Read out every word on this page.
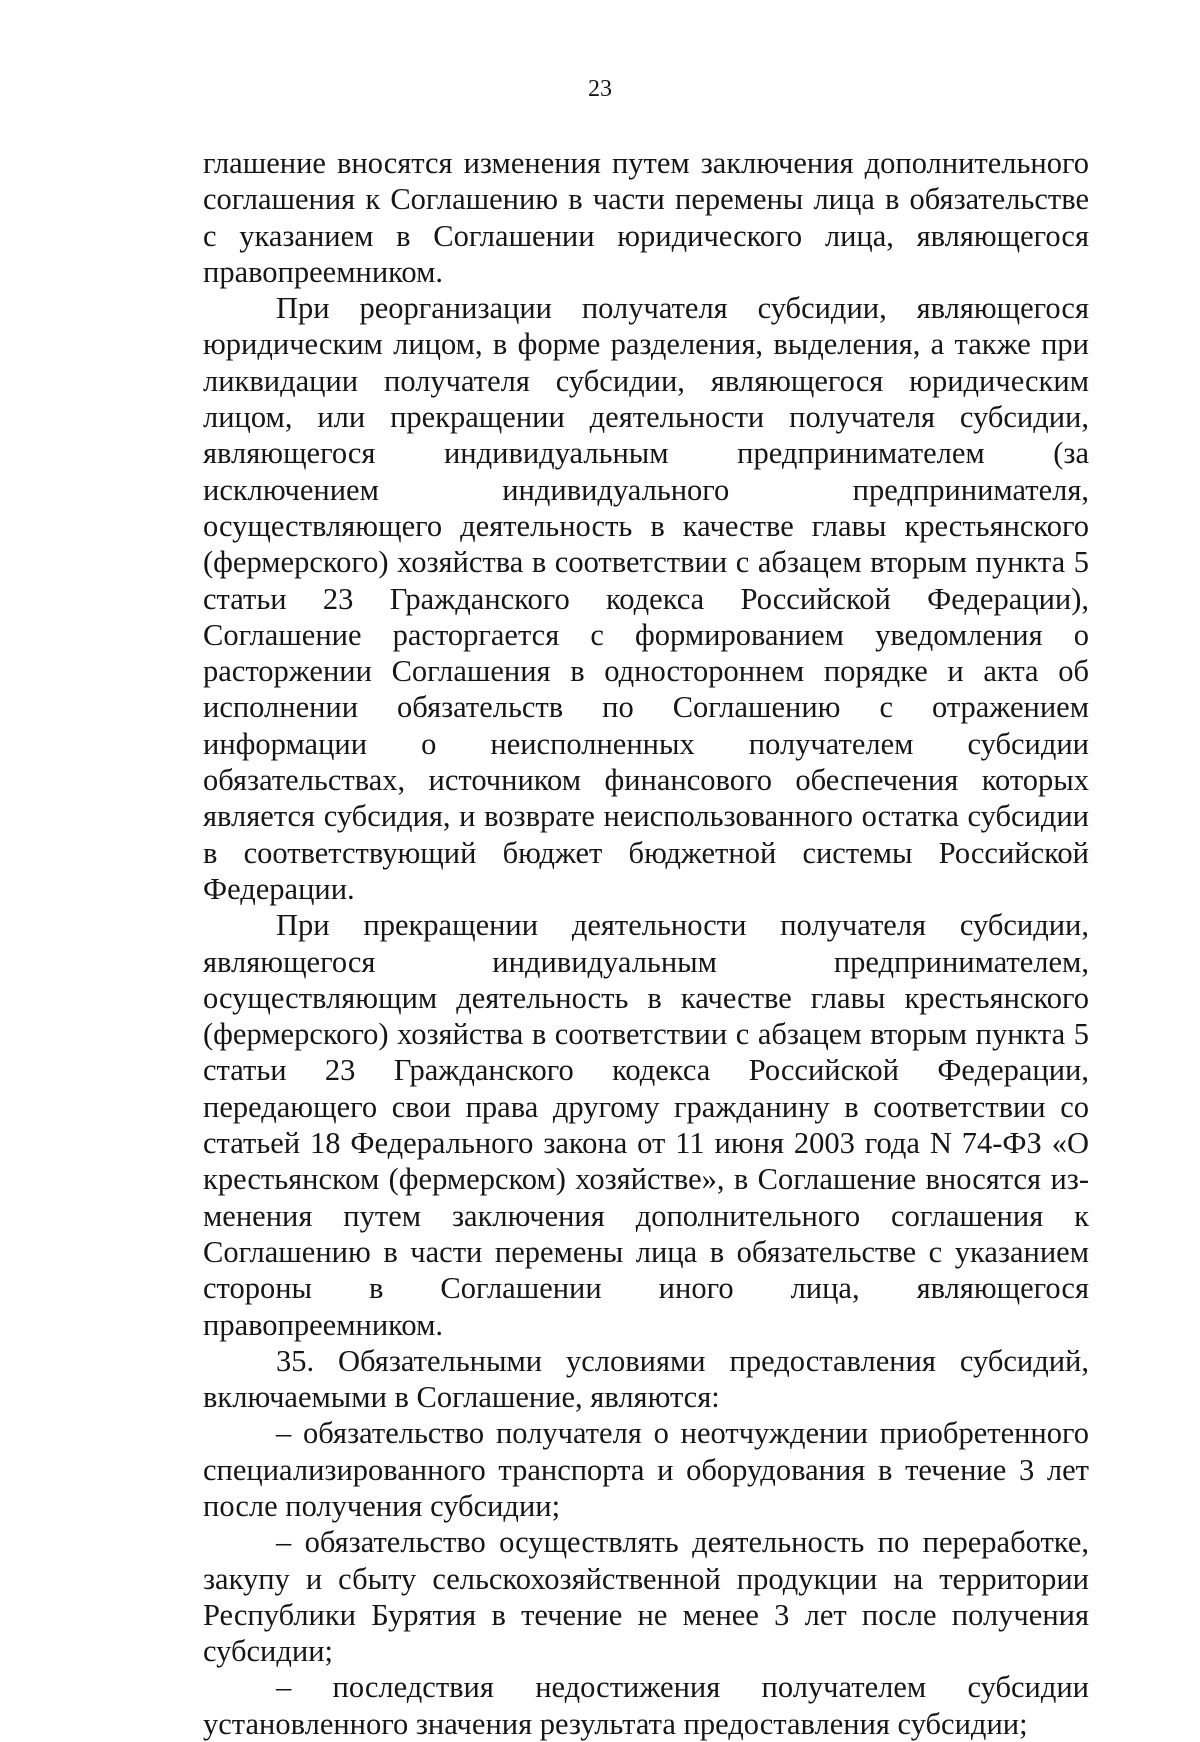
23

глашение вносятся изменения путем заключения дополнительного соглашения к Соглашению в части перемены лица в обязательстве с указанием в Соглашении юридического лица, являющегося правопреемником.

При реорганизации получателя субсидии, являющегося юридическим лицом, в форме разделения, выделения, а также при ликвидации получателя субсидии, являющегося юридическим лицом, или прекращении деятельности получателя субсидии, являющегося индивидуальным предпринимателем (за исключением индивидуального предпринимателя, осуществляющего деятельность в качестве главы крестьянского (фермерского) хозяйства в соответствии с абзацем вторым пункта 5 статьи 23 Гражданского кодекса Российской Федерации), Соглашение расторгается с формированием уведомления о расторжении Соглашения в одностороннем порядке и акта об исполнении обязательств по Соглашению с отражением информации о неисполненных получателем субсидии обязательствах, источником финансового обеспечения которых является субсидия, и возврате неиспользованного остатка субсидии в соответствующий бюджет бюджетной системы Российской Федерации.

При прекращении деятельности получателя субсидии, являющегося индивидуальным предпринимателем, осуществляющим деятельность в качестве главы крестьянского (фермерского) хозяйства в соответствии с абзацем вторым пункта 5 статьи 23 Гражданского кодекса Российской Федерации, передающего свои права другому гражданину в соответствии со статьей 18 Федерального закона от 11 июня 2003 года N 74-ФЗ «О крестьянском (фермерском) хозяйстве», в Соглашение вносятся изменения путем заключения дополнительного соглашения к Соглашению в части перемены лица в обязательстве с указанием стороны в Соглашении иного лица, являющегося правопреемником.

35. Обязательными условиями предоставления субсидий, включаемыми в Соглашение, являются:

– обязательство получателя о неотчуждении приобретенного специализированного транспорта и оборудования в течение 3 лет после получения субсидии;

– обязательство осуществлять деятельность по переработке, закупу и сбыту сельскохозяйственной продукции на территории Республики Бурятия в течение не менее 3 лет после получения субсидии;

– последствия недостижения получателем субсидии установленного значения результата предоставления субсидии;
